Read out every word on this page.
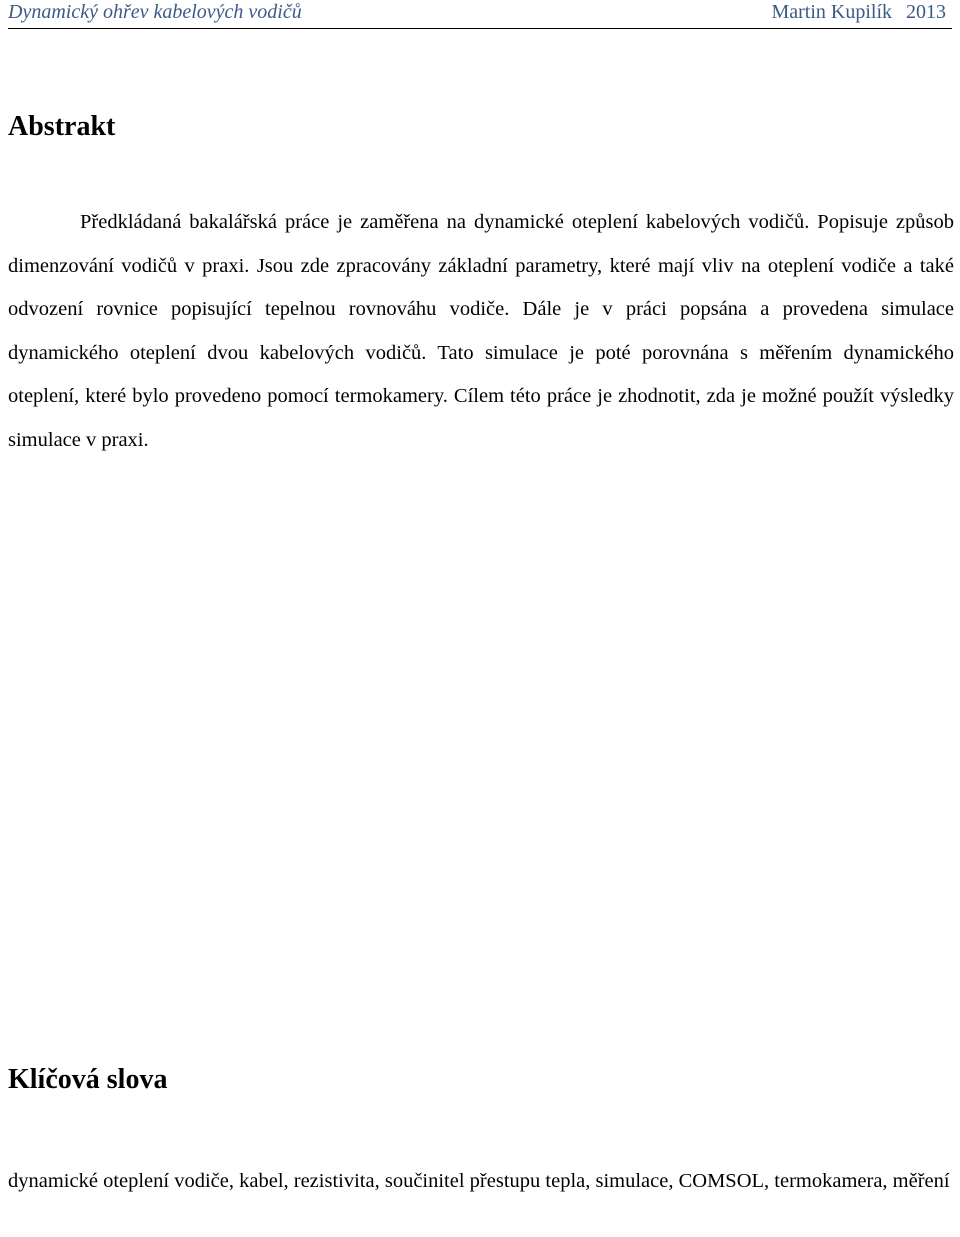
Dynamický ohřev kabelových vodičů	Martin Kupilík 2013
Abstrakt

Předkládaná bakalářská práce je zaměřena na dynamické oteplení kabelových vodičů. Popisuje způsob dimenzování vodičů v praxi. Jsou zde zpracovány základní parametry, které mají vliv na oteplení vodiče a také odvození rovnice popisující tepelnou rovnováhu vodiče. Dále je v práci popsána a provedena simulace dynamického oteplení dvou kabelových vodičů. Tato simulace je poté porovnána s měřením dynamického oteplení, které bylo provedeno pomocí termokamery. Cílem této práce je zhodnotit, zda je možné použít výsledky simulace v praxi.

Klíčová slova

dynamické oteplení vodiče, kabel, rezistivita, součinitel přestupu tepla, simulace, COMSOL, termokamera, měření
